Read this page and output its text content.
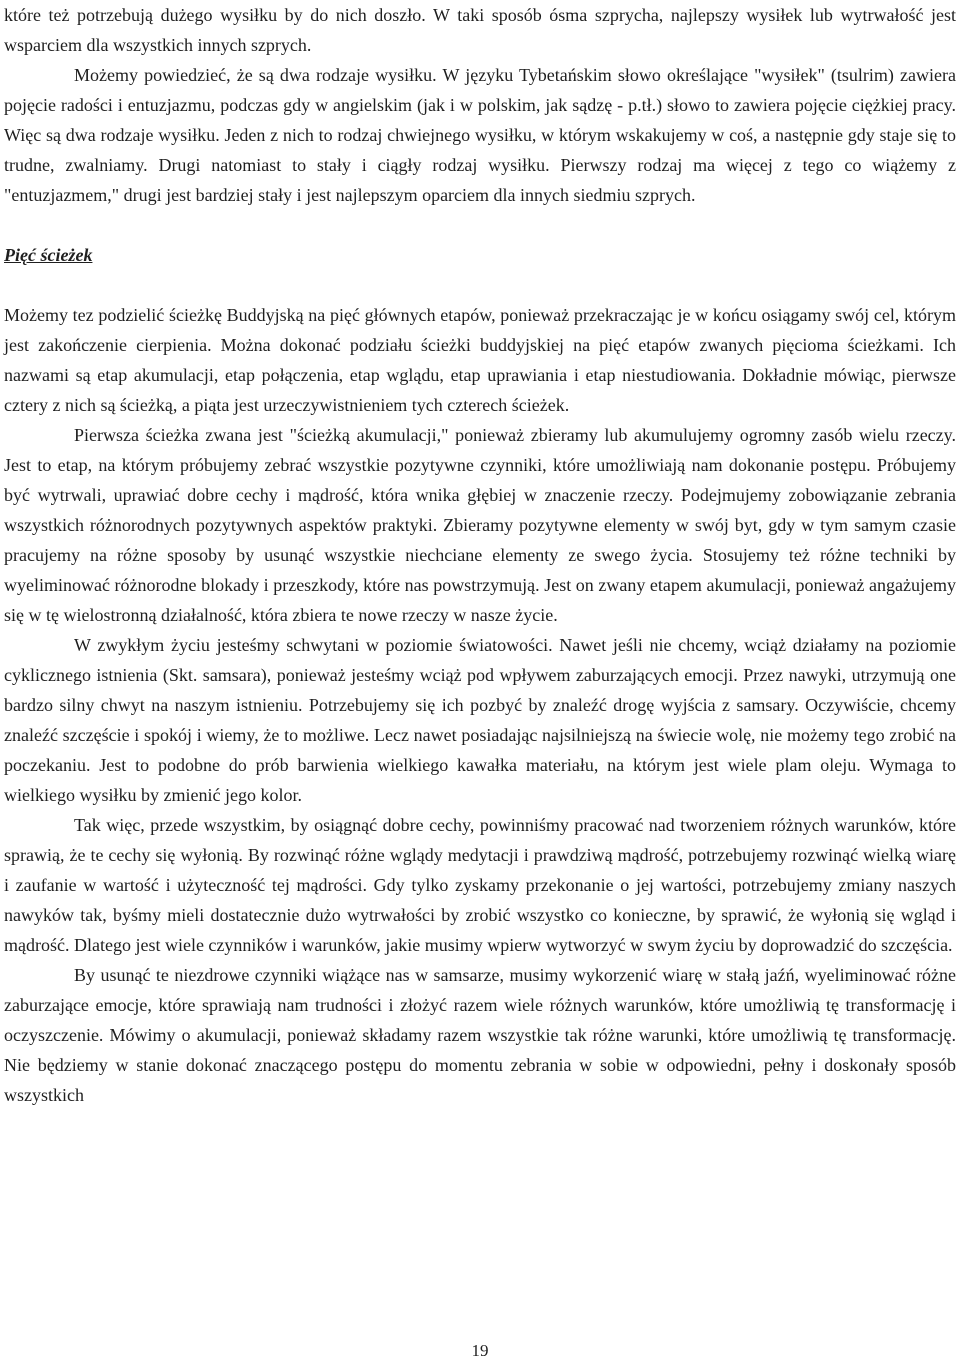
które też potrzebują dużego wysiłku by do nich doszło. W taki sposób ósma szprycha, najlepszy wysiłek lub wytrwałość jest wsparciem dla wszystkich innych szprych.

Możemy powiedzieć, że są dwa rodzaje wysiłku. W języku Tybetańskim słowo określające "wysiłek" (tsulrim) zawiera pojęcie radości i entuzjazmu, podczas gdy w angielskim (jak i w polskim, jak sądzę - p.tł.) słowo to zawiera pojęcie ciężkiej pracy. Więc są dwa rodzaje wysiłku. Jeden z nich to rodzaj chwiejnego wysiłku, w którym wskakujemy w coś, a następnie gdy staje się to trudne, zwalniamy. Drugi natomiast to stały i ciągły rodzaj wysiłku. Pierwszy rodzaj ma więcej z tego co wiążemy z "entuzjazmem," drugi jest bardziej stały i jest najlepszym oparciem dla innych siedmiu szprych.

Pięć ścieżek

Możemy tez podzielić ścieżkę Buddyjską na pięć głównych etapów, ponieważ przekraczając je w końcu osiągamy swój cel, którym jest zakończenie cierpienia. Można dokonać podziału ścieżki buddyjskiej na pięć etapów zwanych pięcioma ścieżkami. Ich nazwami są etap akumulacji, etap połączenia, etap wglądu, etap uprawiania i etap niestudiowania. Dokładnie mówiąc, pierwsze cztery z nich są ścieżką, a piąta jest urzeczywistnieniem tych czterech ścieżek.

Pierwsza ścieżka zwana jest "ścieżką akumulacji," ponieważ zbieramy lub akumulujemy ogromny zasób wielu rzeczy. Jest to etap, na którym próbujemy zebrać wszystkie pozytywne czynniki, które umożliwiają nam dokonanie postępu. Próbujemy być wytrwali, uprawiać dobre cechy i mądrość, która wnika głębiej w znaczenie rzeczy. Podejmujemy zobowiązanie zebrania wszystkich różnorodnych pozytywnych aspektów praktyki. Zbieramy pozytywne elementy w swój byt, gdy w tym samym czasie pracujemy na różne sposoby by usunąć wszystkie niechciane elementy ze swego życia. Stosujemy też różne techniki by wyeliminować różnorodne blokady i przeszkody, które nas powstrzymują. Jest on zwany etapem akumulacji, ponieważ angażujemy się w tę wielostronną działalność, która zbiera te nowe rzeczy w nasze życie.

W zwykłym życiu jesteśmy schwytani w poziomie światowości. Nawet jeśli nie chcemy, wciąż działamy na poziomie cyklicznego istnienia (Skt. samsara), ponieważ jesteśmy wciąż pod wpływem zaburzających emocji. Przez nawyki, utrzymują one bardzo silny chwyt na naszym istnieniu. Potrzebujemy się ich pozbyć by znaleźć drogę wyjścia z samsary. Oczywiście, chcemy znaleźć szczęście i spokój i wiemy, że to możliwe. Lecz nawet posiadając najsilniejszą na świecie wolę, nie możemy tego zrobić na poczekaniu. Jest to podobne do prób barwienia wielkiego kawałka materiału, na którym jest wiele plam oleju. Wymaga to wielkiego wysiłku by zmienić jego kolor.

Tak więc, przede wszystkim, by osiągnąć dobre cechy, powinniśmy pracować nad tworzeniem różnych warunków, które sprawią, że te cechy się wyłonią. By rozwinąć różne wglądy medytacji i prawdziwą mądrość, potrzebujemy rozwinąć wielką wiarę i zaufanie w wartość i użyteczność tej mądrości. Gdy tylko zyskamy przekonanie o jej wartości, potrzebujemy zmiany naszych nawyków tak, byśmy mieli dostatecznie dużo wytrwałości by zrobić wszystko co konieczne, by sprawić, że wyłonią się wgląd i mądrość. Dlatego jest wiele czynników i warunków, jakie musimy wpierw wytworzyć w swym życiu by doprowadzić do szczęścia.

By usunąć te niezdrowe czynniki wiążące nas w samsarze, musimy wykorzenić wiarę w stałą jaźń, wyeliminować różne zaburzające emocje, które sprawiają nam trudności i złożyć razem wiele różnych warunków, które umożliwią tę transformację i oczyszczenie. Mówimy o akumulacji, ponieważ składamy razem wszystkie tak różne warunki, które umożliwią tę transformację. Nie będziemy w stanie dokonać znaczącego postępu do momentu zebrania w sobie w odpowiedni, pełny i doskonały sposób wszystkich

19
